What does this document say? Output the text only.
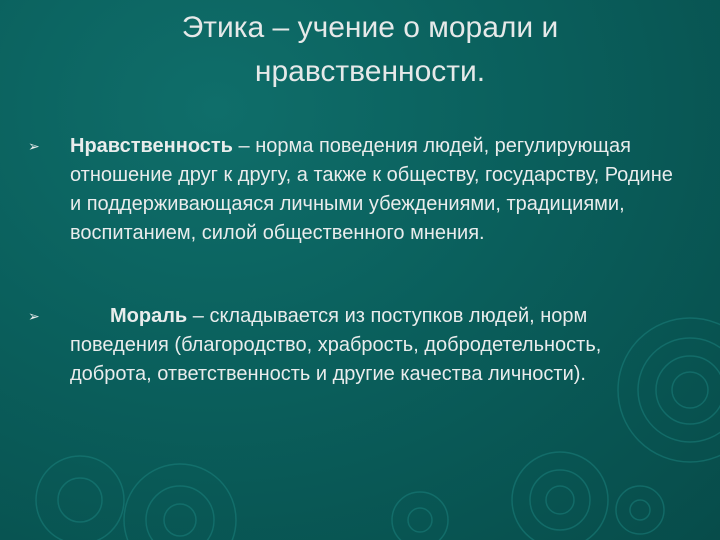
Этика – учение о морали и
нравственности.
➢ Нравственность – норма поведения людей, регулирующая отношение друг к другу, а также к обществу, государству, Родине и поддерживающаяся личными убеждениями, традициями, воспитанием, силой общественного мнения.
➢	Мораль – складывается из поступков людей, норм поведения (благородство, храбрость, добродетельность, доброта, ответственность и другие качества личности).
